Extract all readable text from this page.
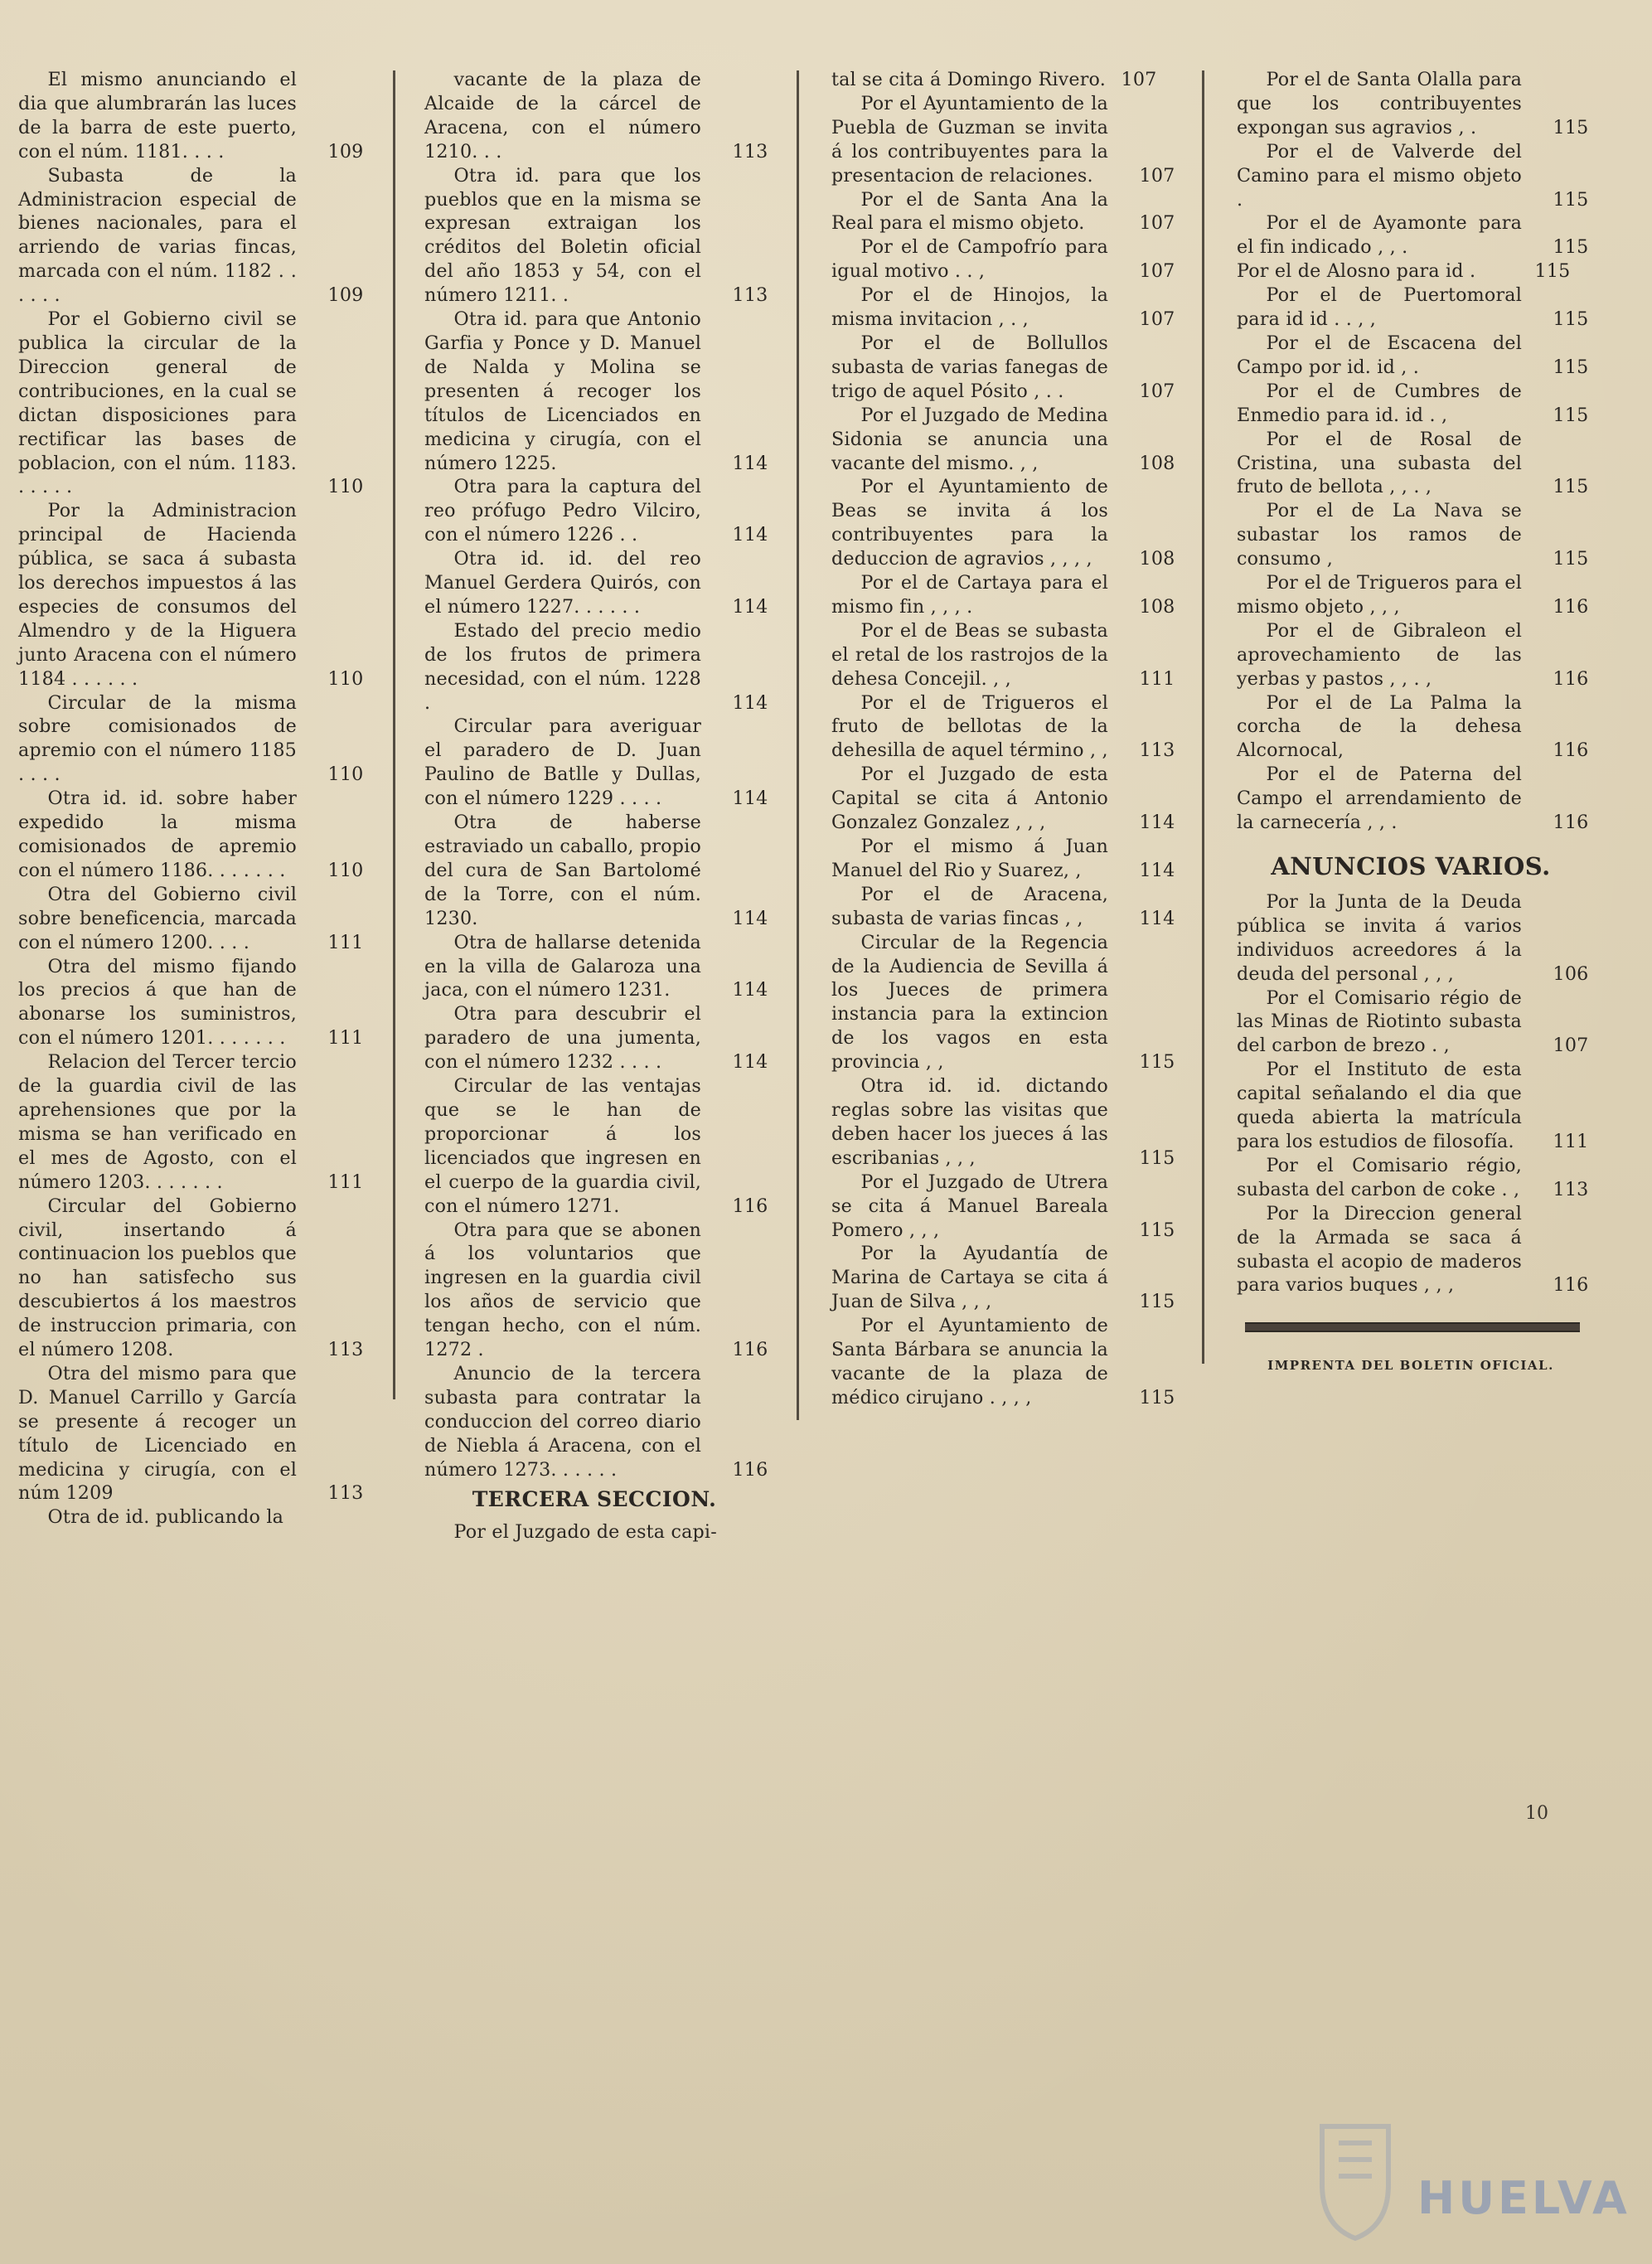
El mismo anunciando el dia que alumbrarán las luces de la barra de este puerto, con el núm. 1181. . . .	109
Subasta de la Administracion especial de bienes nacionales, para el arriendo de varias fincas, marcada con el núm. 1182 . . . . . .	109
Por el Gobierno civil se publica la circular de la Direccion general de contribuciones, en la cual se dictan disposiciones para rectificar las bases de poblacion, con el núm. 1183. . . . . .	110
Por la Administracion principal de Hacienda pública, se saca á subasta los derechos impuestos á las especies de consumos del Almendro y de la Higuera junto Aracena con el número 1184 . . . . . .	110
Circular de la misma sobre comisionados de apremio con el número 1185 . . . .	110
Otra id. id. sobre haber expedido la misma comisionados de apremio con el número 1186. . . . . . .	110
Otra del Gobierno civil sobre beneficencia, marcada con el número 1200. . . .	111
Otra del mismo fijando los precios á que han de abonarse los suministros, con el número 1201. . . . . . .	111
Relacion del Tercer tercio de la guardia civil de las aprehensiones que por la misma se han verificado en el mes de Agosto, con el número 1203. . . . . . .	111
Circular del Gobierno civil, insertando á continuacion los pueblos que no han satisfecho sus descubiertos á los maestros de instruccion primaria, con el número 1208.	113
Otra del mismo para que D. Manuel Carrillo y García se presente á recoger un título de Licenciado en medicina y cirugía, con el núm 1209	113
Otra de id. publicando la
vacante de la plaza de Alcaide de la cárcel de Aracena, con el número 1210. . .	113
Otra id. para que los pueblos que en la misma se expresan extraigan los créditos del Boletin oficial del año 1853 y 54, con el número 1211. .	113
Otra id. para que Antonio Garfia y Ponce y D. Manuel de Nalda y Molina se presenten á recoger los títulos de Licenciados en medicina y cirugía, con el número 1225.	114
Otra para la captura del reo prófugo Pedro Vilciro, con el número 1226 . .	114
Otra id. id. del reo Manuel Gerdera Quirós, con el número 1227. . . . . .	114
Estado del precio medio de los frutos de primera necesidad, con el núm. 1228 .	114
Circular para averiguar el paradero de D. Juan Paulino de Batlle y Dullas, con el número 1229 . . . .	114
Otra de haberse estraviado un caballo, propio del cura de San Bartolomé de la Torre, con el núm. 1230.	114
Otra de hallarse detenida en la villa de Galaroza una jaca, con el número 1231.	114
Otra para descubrir el paradero de una jumenta, con el número 1232 . . . .	114
Circular de las ventajas que se le han de proporcionar á los licenciados que ingresen en el cuerpo de la guardia civil, con el número 1271.	116
Otra para que se abonen á los voluntarios que ingresen en la guardia civil los años de servicio que tengan hecho, con el núm. 1272 .	116
Anuncio de la tercera subasta para contratar la conduccion del correo diario de Niebla á Aracena, con el número 1273. . . . . .	116
TERCERA SECCION.
Por el Juzgado de esta capi-
tal se cita á Domingo Rivero. 107
Por el Ayuntamiento de la Puebla de Guzman se invita á los contribuyentes para la presentacion de relaciones.	107
Por el de Santa Ana la Real para el mismo objeto.	107
Por el de Campofrío para igual motivo . . ,	107
Por el de Hinojos, la misma invitacion , . ,	107
Por el de Bollullos subasta de varias fanegas de trigo de aquel Pósito , . .	107
Por el Juzgado de Medina Sidonia se anuncia una vacante del mismo. , ,	108
Por el Ayuntamiento de Beas se invita á los contribuyentes para la deduccion de agravios , , , ,	108
Por el de Cartaya para el mismo fin , , , .	108
Por el de Beas se subasta el retal de los rastrojos de la dehesa Concejil. , ,	111
Por el de Trigueros el fruto de bellotas de la dehesilla de aquel término , ,	113
Por el Juzgado de esta Capital se cita á Antonio Gonzalez Gonzalez , , ,	114
Por el mismo á Juan Manuel del Rio y Suarez, ,	114
Por el de Aracena, subasta de varias fincas , ,	114
Circular de la Regencia de la Audiencia de Sevilla á los Jueces de primera instancia para la extincion de los vagos en esta provincia , ,	115
Otra id. id. dictando reglas sobre las visitas que deben hacer los jueces á las escribanias , , ,	115
Por el Juzgado de Utrera se cita á Manuel Bareala Pomero , , ,	115
Por la Ayudantía de Marina de Cartaya se cita á Juan de Silva , , ,	115
Por el Ayuntamiento de Santa Bárbara se anuncia la vacante de la plaza de médico cirujano . , , ,	115
Por el de Santa Olalla para que los contribuyentes expongan sus agravios , .	115
Por el de Valverde del Camino para el mismo objeto .	115
Por el de Ayamonte para el fin indicado , , .	115
Por el de Alosno para id .	115
Por el de Puertomoral para id id . . , ,	115
Por el de Escacena del Campo por id. id , .	115
Por el de Cumbres de Enmedio para id. id . ,	115
Por el de Rosal de Cristina, una subasta del fruto de bellota , , . ,	115
Por el de La Nava se subastar los ramos de consumo ,	115
Por el de Trigueros para el mismo objeto , , ,	116
Por el de Gibraleon el aprovechamiento de las yerbas y pastos , , . ,	116
Por el de La Palma la corcha de la dehesa Alcornocal,	116
Por el de Paterna del Campo el arrendamiento de la carnecería , , .	116
ANUNCIOS VARIOS.
Por la Junta de la Deuda pública se invita á varios individuos acreedores á la deuda del personal , , ,	106
Por el Comisario régio de las Minas de Riotinto subasta del carbon de brezo . ,	107
Por el Instituto de esta capital señalando el dia que queda abierta la matrícula para los estudios de filosofía.	111
Por el Comisario régio, subasta del carbon de coke . ,	113
Por la Direccion general de la Armada se saca á subasta el acopio de maderos para varios buques , , ,	116
IMPRENTA DEL BOLETIN OFICIAL.
10
HUELVA
